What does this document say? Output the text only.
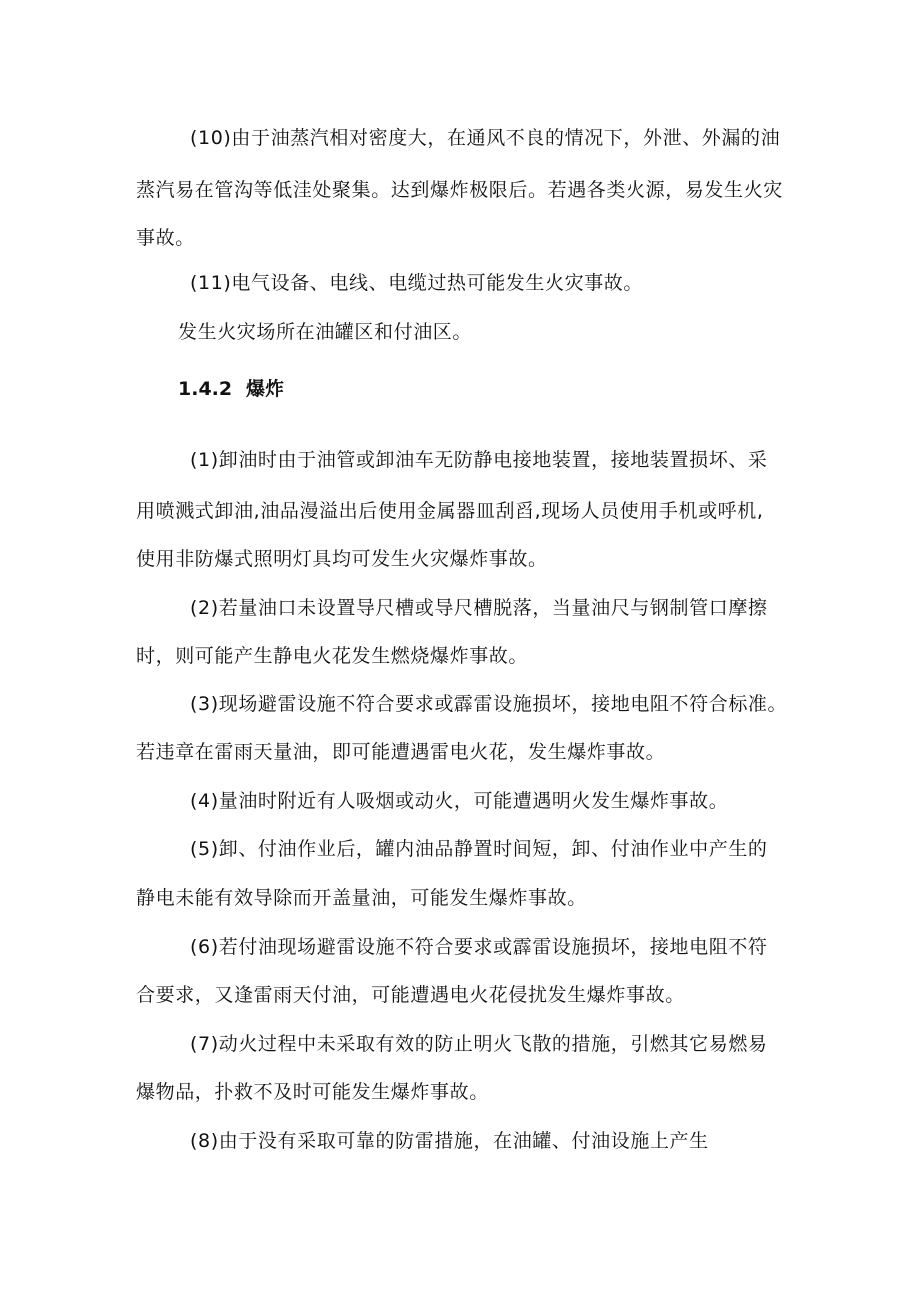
(10)由于油蒸汽相对密度大，在通风不良的情况下，外泄、外漏的油
蒸汽易在管沟等低洼处聚集。达到爆炸极限后。若遇各类火源，易发生火灾
事故。
(11)电气设备、电线、电缆过热可能发生火灾事故。
发生火灾场所在油罐区和付油区。
1.4.2 爆炸
(1)卸油时由于油管或卸油车无防静电接地装置，接地装置损坏、采
用喷溅式卸油,油品漫溢出后使用金属器皿刮舀,现场人员使用手机或呼机,
使用非防爆式照明灯具均可发生火灾爆炸事故。
(2)若量油口未设置导尺槽或导尺槽脱落，当量油尺与钢制管口摩擦
时，则可能产生静电火花发生燃烧爆炸事故。
(3)现场避雷设施不符合要求或霹雷设施损坏，接地电阻不符合标准。
若违章在雷雨天量油，即可能遭遇雷电火花，发生爆炸事故。
(4)量油时附近有人吸烟或动火，可能遭遇明火发生爆炸事故。
(5)卸、付油作业后，罐内油品静置时间短，卸、付油作业中产生的
静电未能有效导除而开盖量油，可能发生爆炸事故。
(6)若付油现场避雷设施不符合要求或霹雷设施损坏，接地电阻不符
合要求，又逢雷雨天付油，可能遭遇电火花侵扰发生爆炸事故。
(7)动火过程中未采取有效的防止明火飞散的措施，引燃其它易燃易
爆物品，扑救不及时可能发生爆炸事故。
(8)由于没有采取可靠的防雷措施，在油罐、付油设施上产生
